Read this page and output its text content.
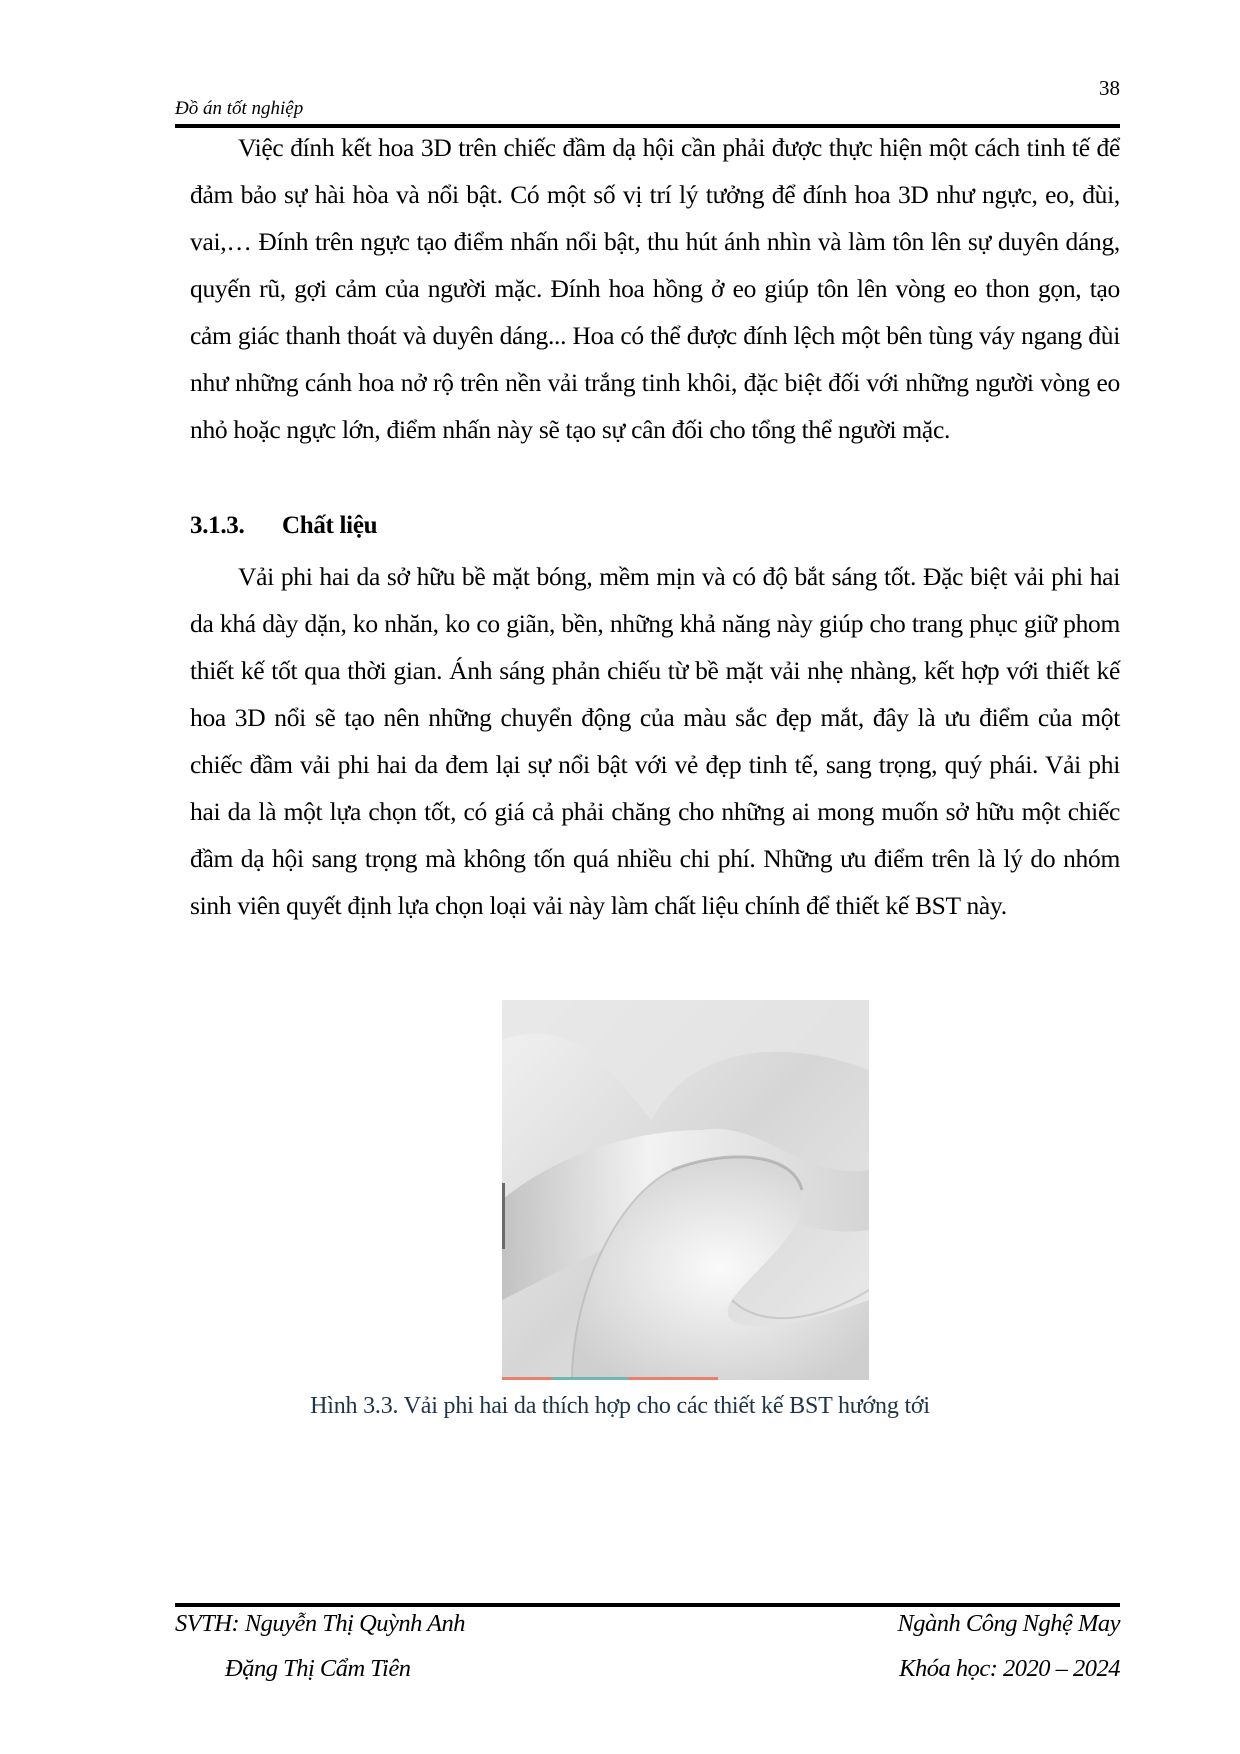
38
Đồ án tốt nghiệp

Việc đính kết hoa 3D trên chiếc đầm dạ hội cần phải được thực hiện một cách tinh tế để đảm bảo sự hài hòa và nổi bật. Có một số vị trí lý tưởng để đính hoa 3D như ngực, eo, đùi, vai,… Đính trên ngực tạo điểm nhấn nổi bật, thu hút ánh nhìn và làm tôn lên sự duyên dáng, quyến rũ, gợi cảm của người mặc. Đính hoa hồng ở eo giúp tôn lên vòng eo thon gọn, tạo cảm giác thanh thoát và duyên dáng... Hoa có thể được đính lệch một bên tùng váy ngang đùi như những cánh hoa nở rộ trên nền vải trắng tinh khôi, đặc biệt đối với những người vòng eo nhỏ hoặc ngực lớn, điểm nhấn này sẽ tạo sự cân đối cho tổng thể người mặc.

3.1.3. Chất liệu

Vải phi hai da sở hữu bề mặt bóng, mềm mịn và có độ bắt sáng tốt. Đặc biệt vải phi hai da khá dày dặn, ko nhăn, ko co giãn, bền, những khả năng này giúp cho trang phục giữ phom thiết kế tốt qua thời gian. Ánh sáng phản chiếu từ bề mặt vải nhẹ nhàng, kết hợp với thiết kế hoa 3D nổi sẽ tạo nên những chuyển động của màu sắc đẹp mắt, đây là ưu điểm của một chiếc đầm vải phi hai da đem lại sự nổi bật với vẻ đẹp tinh tế, sang trọng, quý phái. Vải phi hai da là một lựa chọn tốt, có giá cả phải chăng cho những ai mong muốn sở hữu một chiếc đầm dạ hội sang trọng mà không tốn quá nhiều chi phí. Những ưu điểm trên là lý do nhóm sinh viên quyết định lựa chọn loại vải này làm chất liệu chính để thiết kế BST này.

Hình 3.3. Vải phi hai da thích hợp cho các thiết kế BST hướng tới
SVTH: Nguyễn Thị Quỳnh Anh
Đặng Thị Cẩm Tiên
Ngành Công Nghệ May
Khóa học: 2020 – 2024
